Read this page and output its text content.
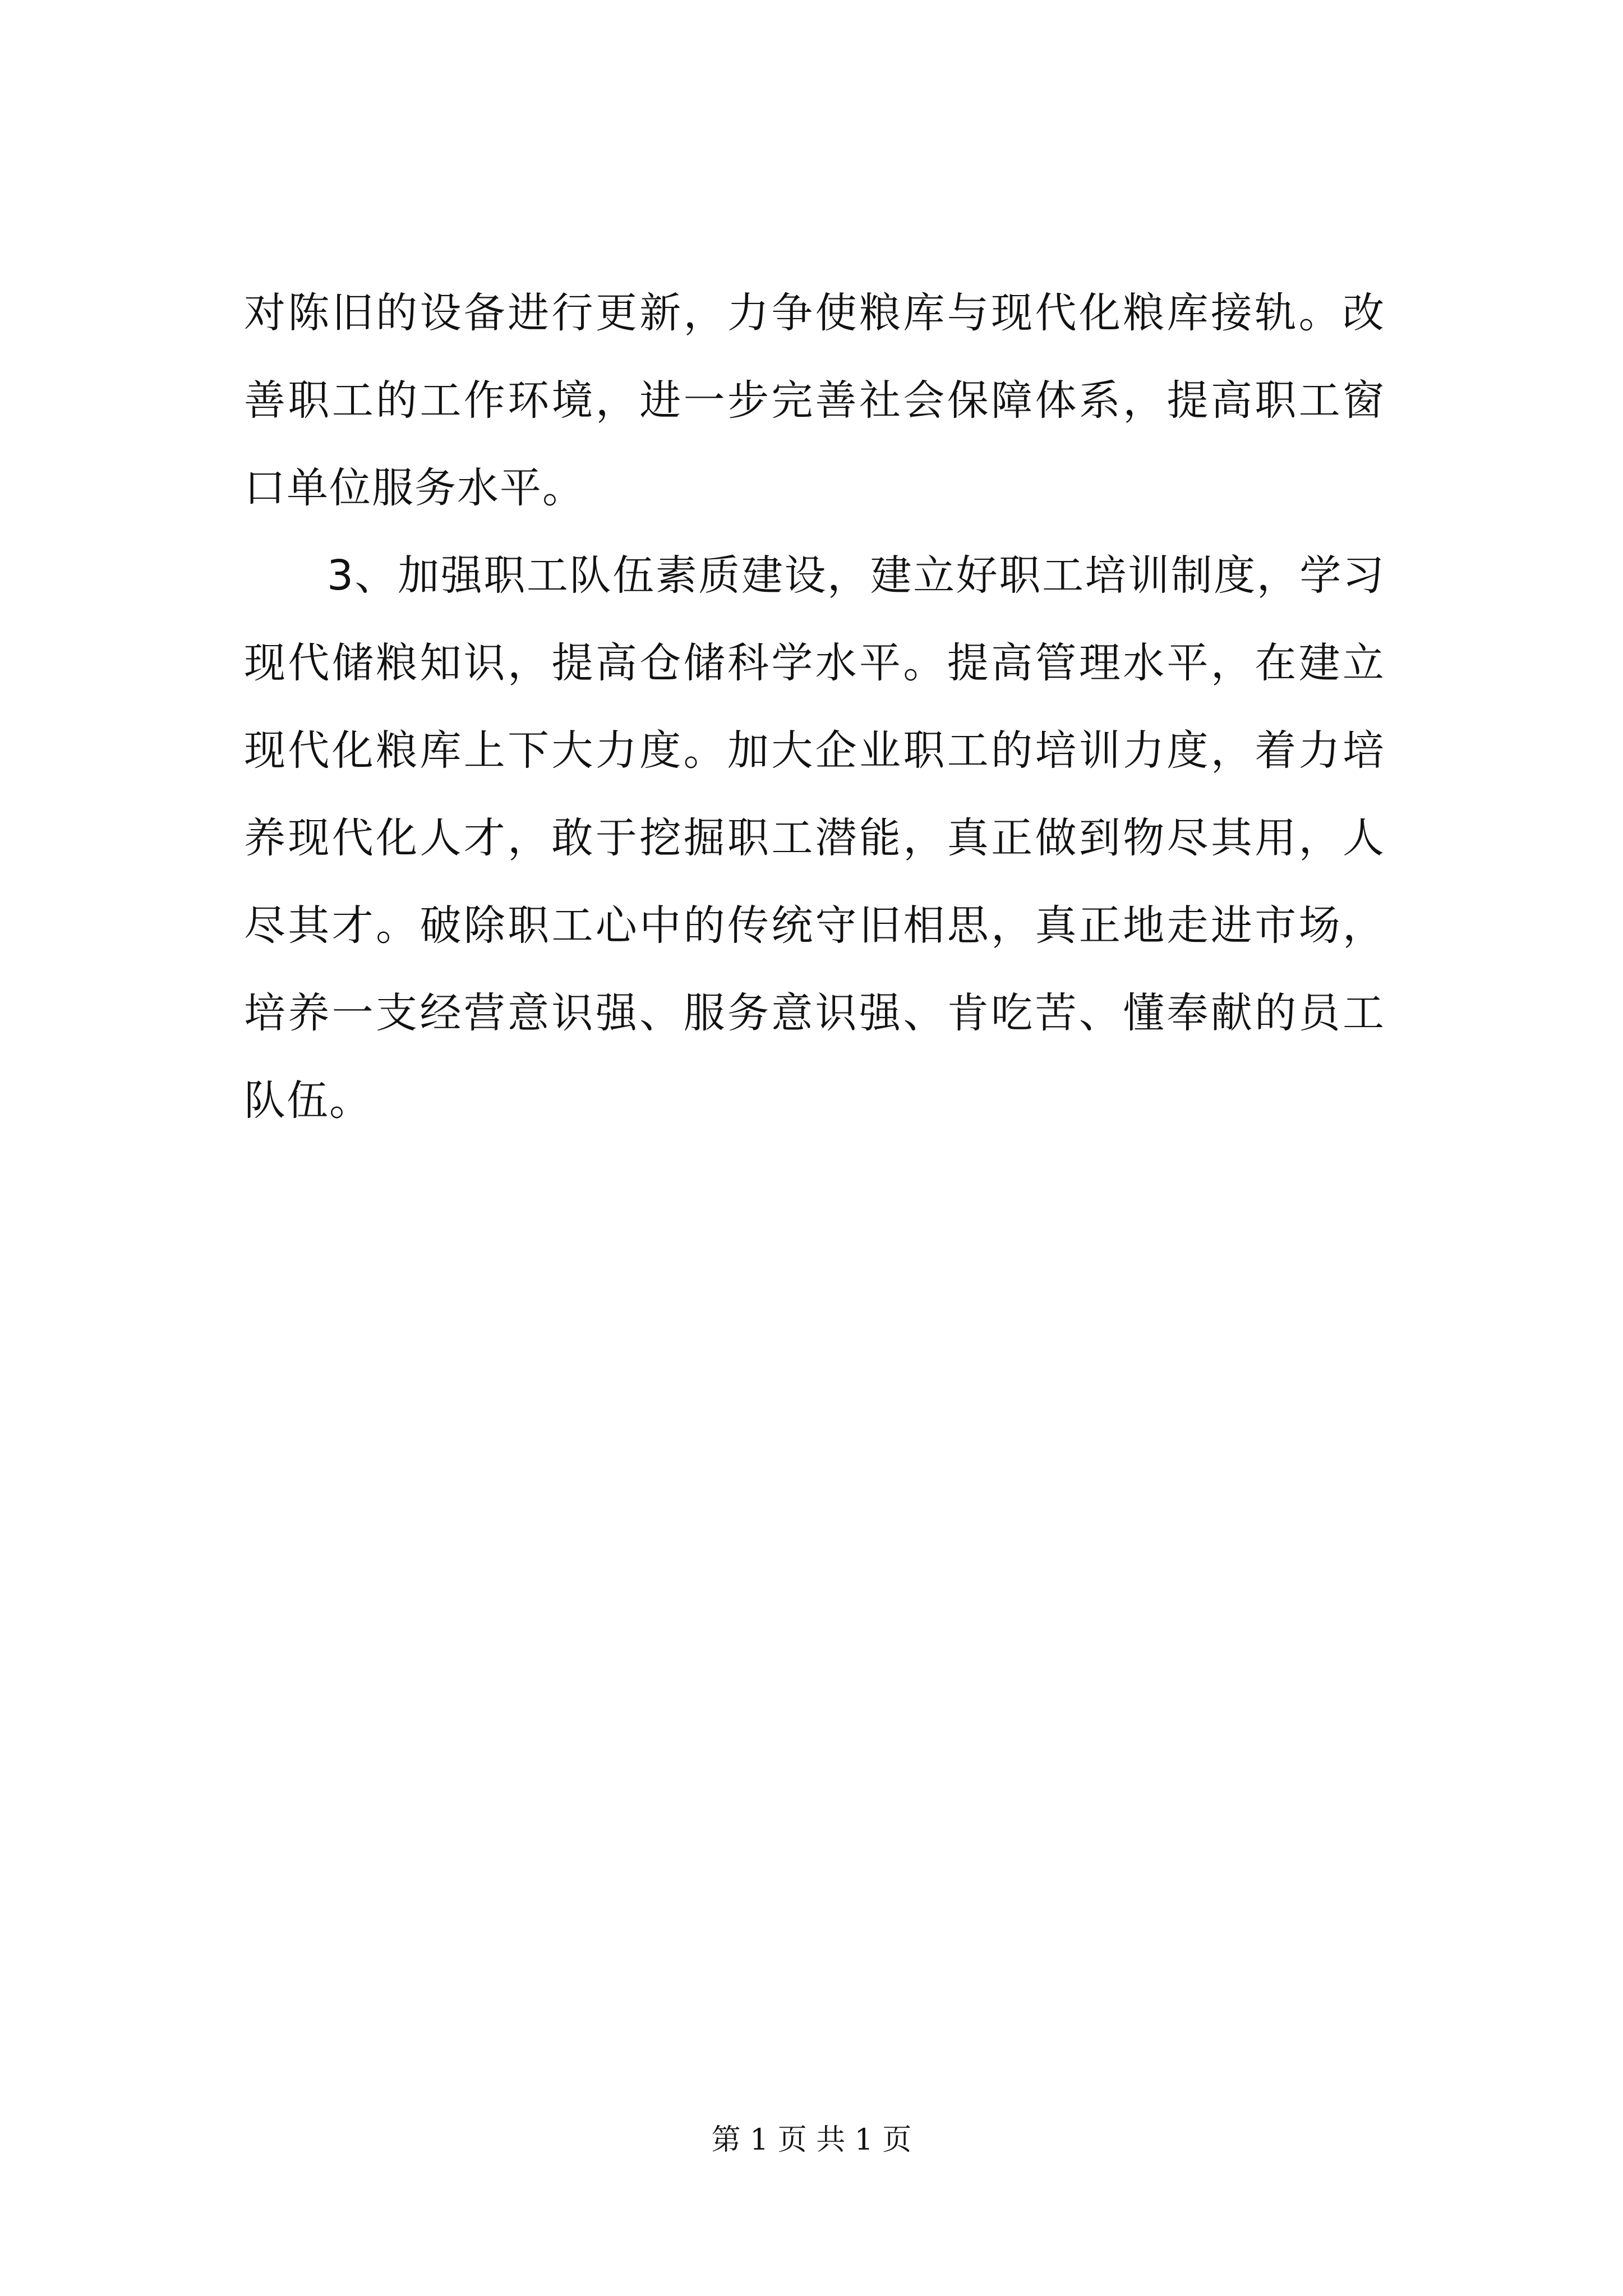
对陈旧的设备进行更新，力争使粮库与现代化粮库接轨。改善职工的工作环境，进一步完善社会保障体系，提高职工窗口单位服务水平。

3、加强职工队伍素质建设，建立好职工培训制度，学习现代储粮知识，提高仓储科学水平。提高管理水平，在建立现代化粮库上下大力度。加大企业职工的培训力度，着力培养现代化人才，敢于挖掘职工潜能，真正做到物尽其用，人尽其才。破除职工心中的传统守旧相思，真正地走进市场，培养一支经营意识强、服务意识强、肯吃苦、懂奉献的员工队伍。

第 1 页 共 1 页
